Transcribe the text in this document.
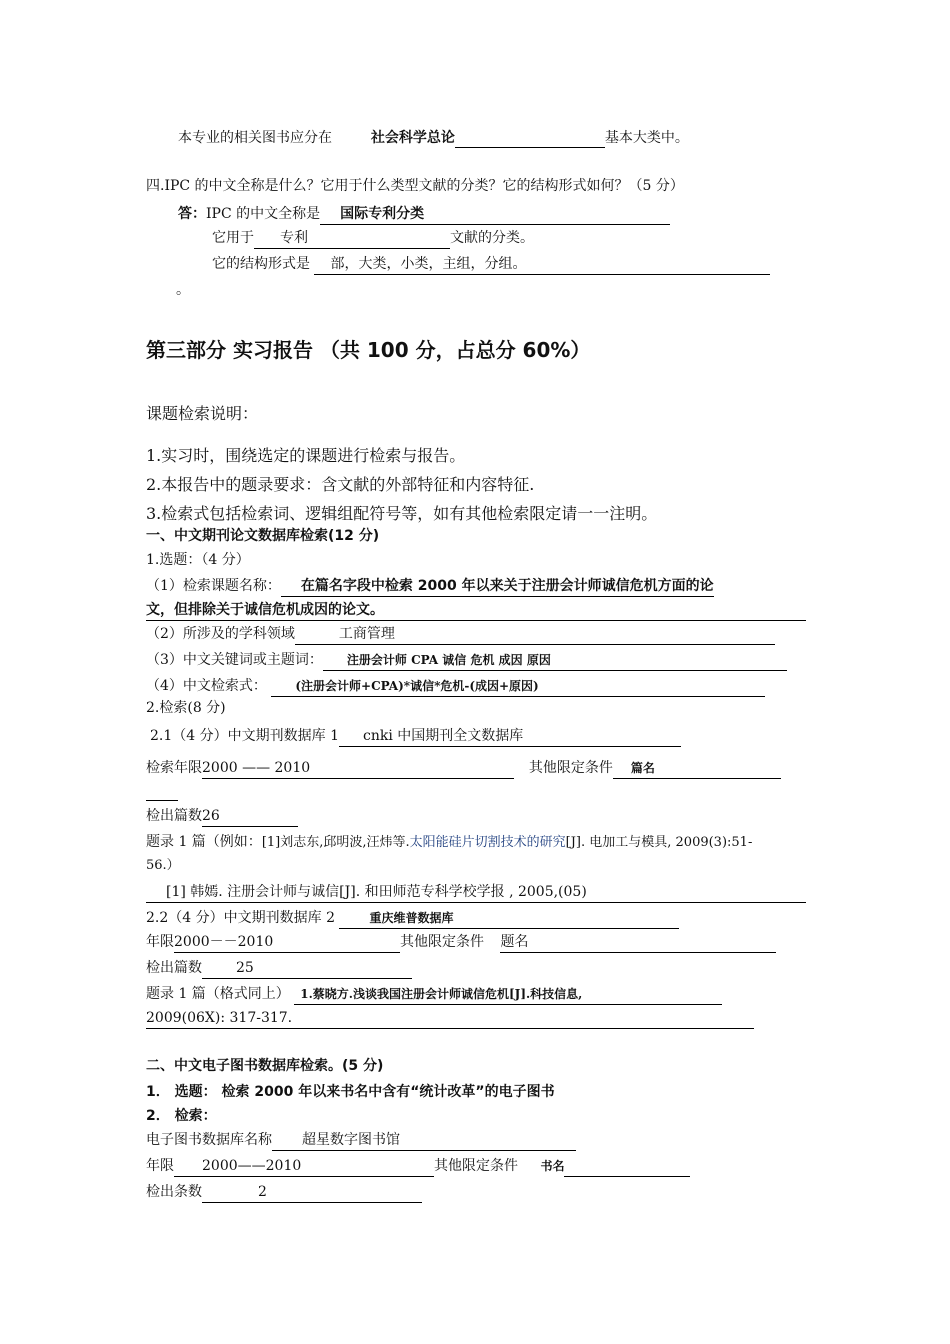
本专业的相关图书应分在	社会科学总论	基本大类中。
四.IPC 的中文全称是什么？它用于什么类型文献的分类？它的结构形式如何？（5 分）
答：IPC 的中文全称是 国际专利分类
它用于 专利	文献的分类。
它的结构形式是 部，大类，小类，主组，分组。
。
第三部分 实习报告 （共 100 分，占总分 60%）
课题检索说明：
1.实习时，围绕选定的课题进行检索与报告。
2.本报告中的题录要求：含文献的外部特征和内容特征.
3.检索式包括检索词、逻辑组配符号等，如有其他检索限定请一一注明。
一、中文期刊论文数据库检索(12 分)
1.选题：（4 分）
（1）检索课题名称： 在篇名字段中检索 2000 年以来关于注册会计师诚信危机方面的论
文，但排除关于诚信危机成因的论文。
（2）所涉及的学科领域	工商管理
（3）中文关键词或主题词： 注册会计师 CPA 诚信 危机 成因 原因
（4）中文检索式： (注册会计师+CPA)*诚信*危机-(成因+原因)
2.检索(8 分)
2.1（4 分）中文期刊数据库 1 cnki 中国期刊全文数据库
检索年限2000 —— 2010	其他限定条件 篇名
检出篇数26
题录 1 篇（例如：[1]刘志东,邱明波,汪炜等.太阳能硅片切割技术的研究[J]. 电加工与模具, 2009(3):51-
56.）
[1] 韩嫣. 注册会计师与诚信[J]. 和田师范专科学校学报 , 2005,(05)
2.2（4 分）中文期刊数据库 2	重庆维普数据库
年限2000－－2010	其他限定条件 题名
检出篇数 25
题录 1 篇（格式同上） 1.蔡晓方.浅谈我国注册会计师诚信危机[J].科技信息,
2009(06X): 317-317.
二、中文电子图书数据库检索。(5 分)
1． 选题： 检索 2000 年以来书名中含有“统计改革”的电子图书
2． 检索：
电子图书数据库名称 超星数字图书馆
年限 2000——2010	其他限定条件 书名
检出条数	2
